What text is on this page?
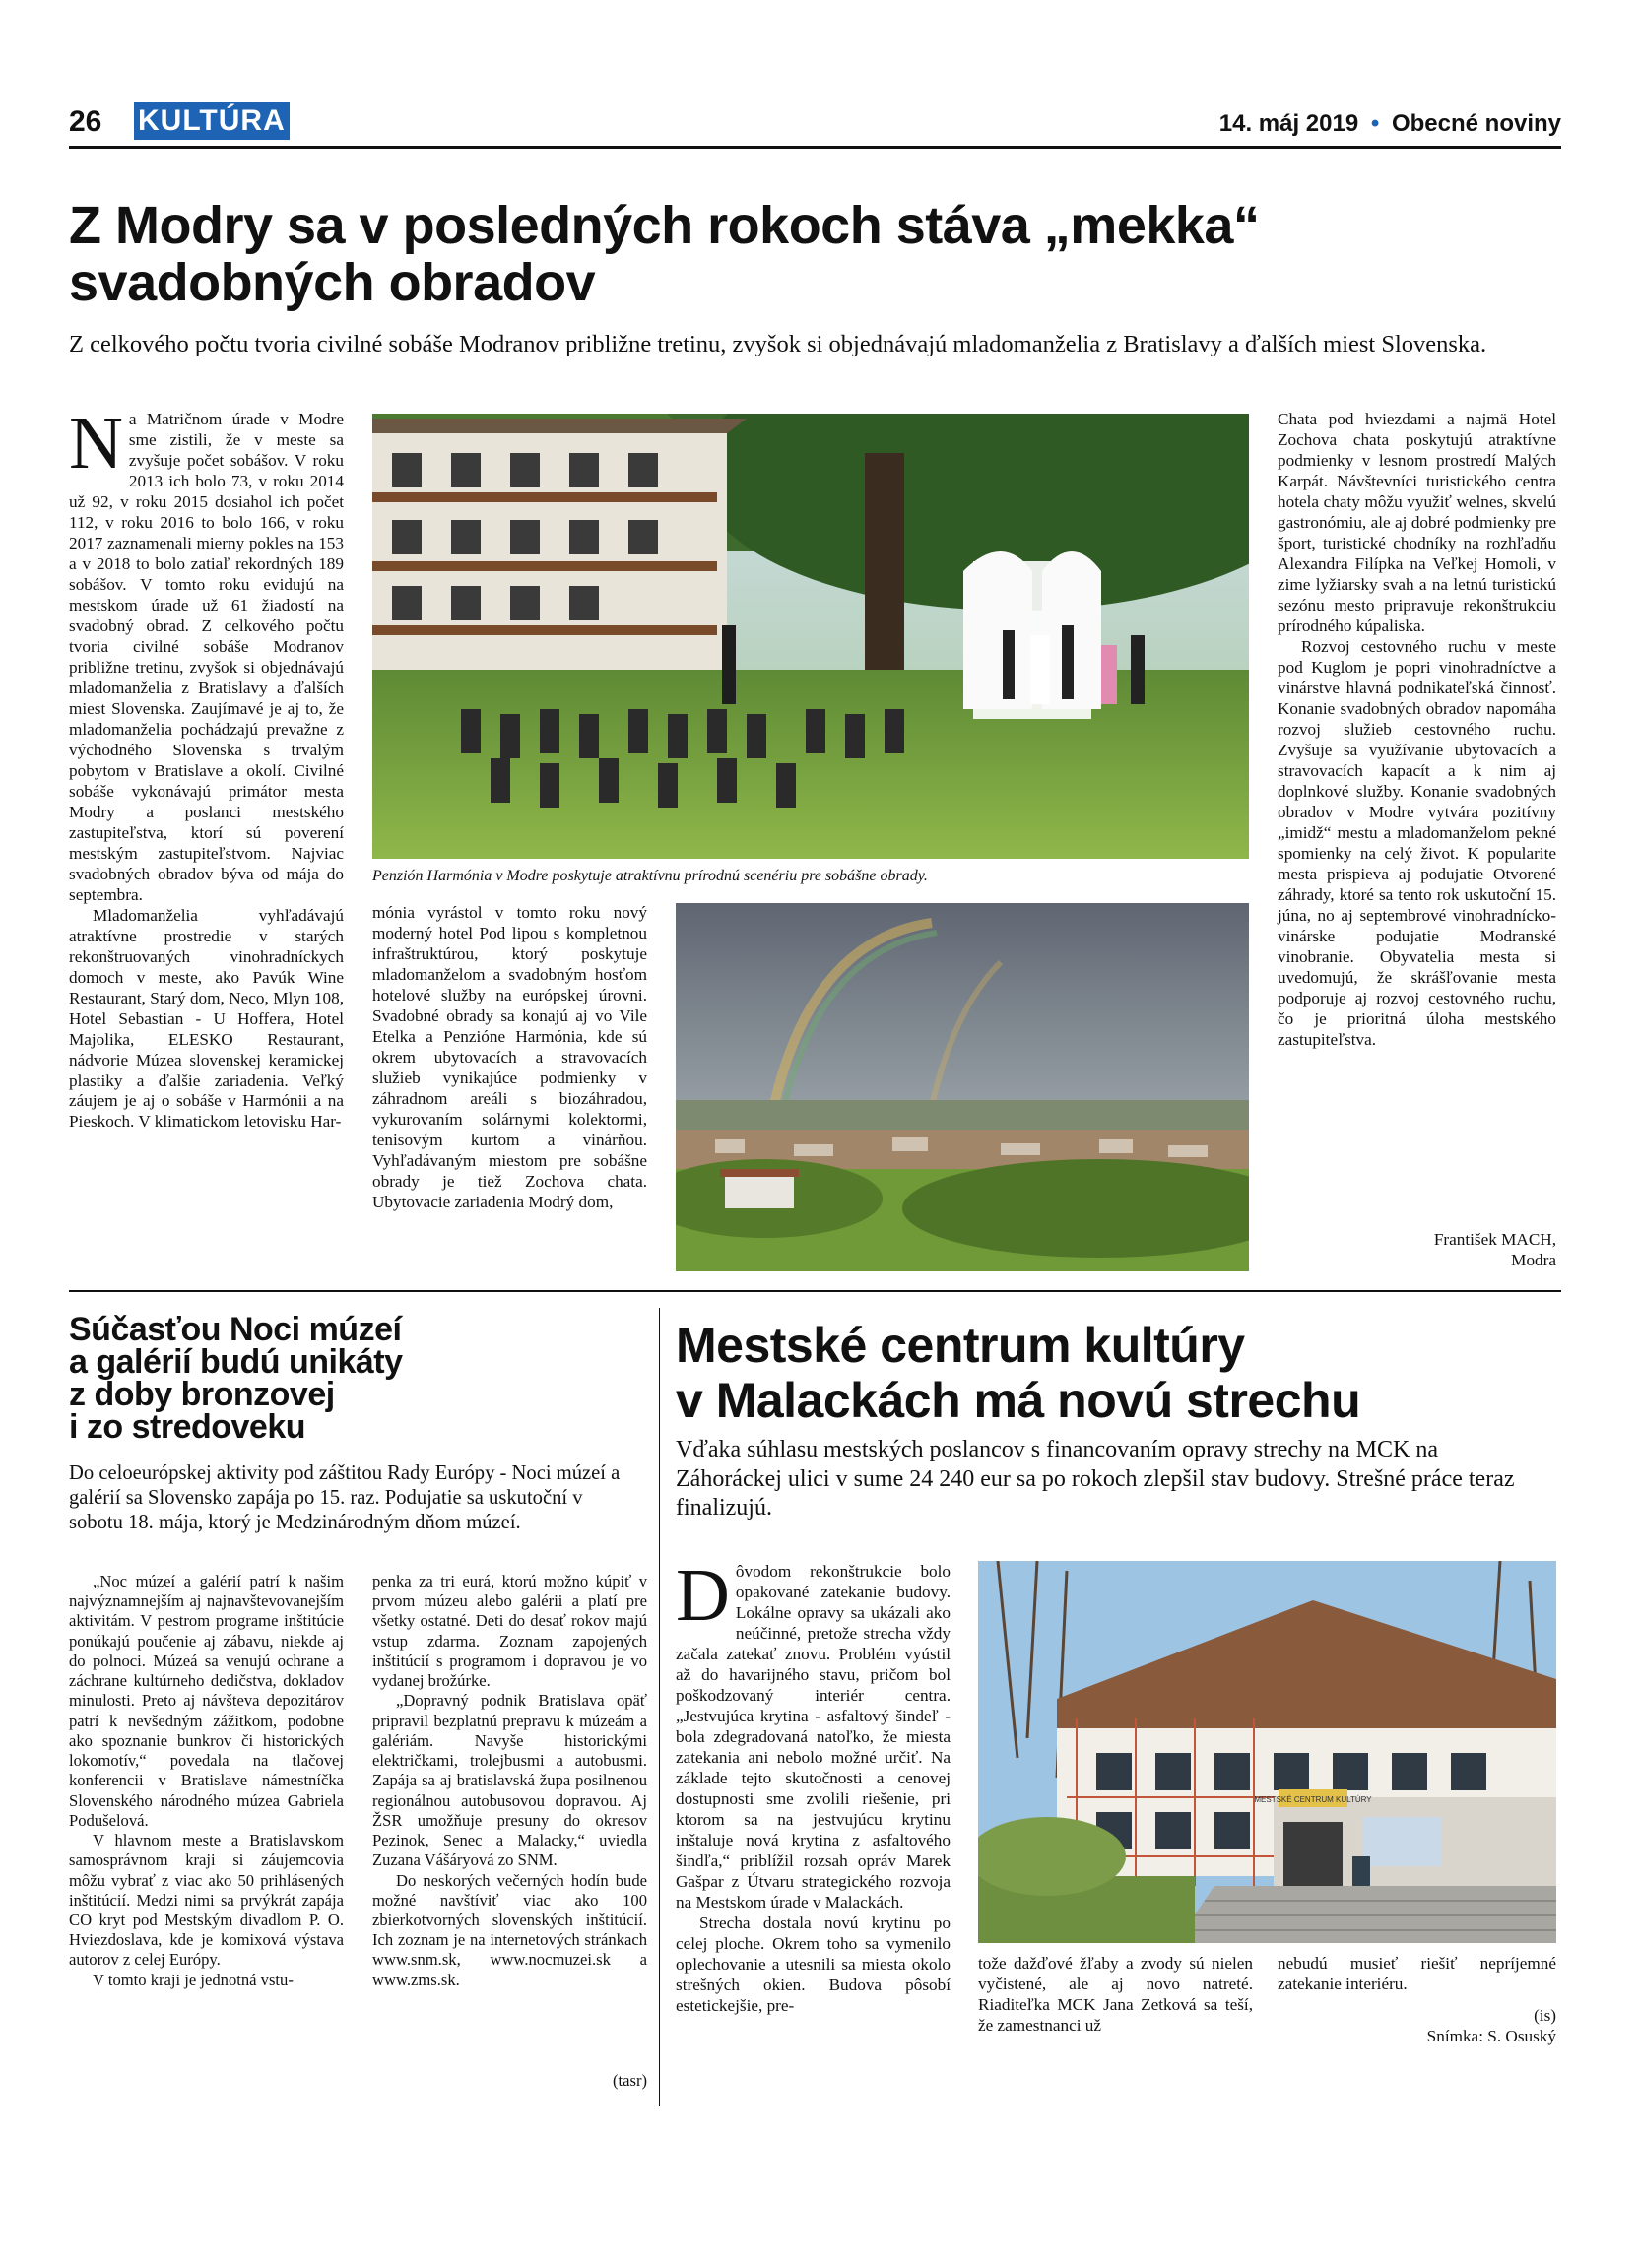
26 KULTÚRA	14. máj 2019 • Obecné noviny
Z Modry sa v posledných rokoch stáva „mekka“
svadobných obradov
Z celkového počtu tvoria civilné sobáše Modranov približne tretinu, zvyšok si objednávajú mladomanželia z Bratislavy a ďalších miest Slovenska.

Na Matričnom úrade v Modre sme zistili, že v meste sa zvyšuje počet sobášov. V roku 2013 ich bolo 73, v roku 2014 už 92, v roku 2015 dosiahol ich počet 112, v roku 2016 to bolo 166, v roku 2017 zaznamenali mierny pokles na 153 a v 2018 to bolo zatiaľ rekordných 189 sobášov. V tomto roku evidujú na mestskom úrade už 61 žiadostí na svadobný obrad. Z celkového počtu tvoria civilné sobáše Modranov približne tretinu, zvyšok si objednávajú mladomanželia z Bratislavy a ďalších miest Slovenska. Zaujímavé je aj to, že mladomanželia pochádzajú prevažne z východného Slovenska s trvalým pobytom v Bratislave a okolí. Civilné sobáše vykonávajú primátor mesta Modry a poslanci mestského zastupiteľstva, ktorí sú poverení mestským zastupiteľstvom. Najviac svadobných obradov býva od mája do septembra.

Mladomanželia vyhľadávajú atraktívne prostredie v starých rekonštruovaných vinohradníckych domoch v meste, ako Pavúk Wine Restaurant, Starý dom, Neco, Mlyn 108, Hotel Sebastian - U Hoffera, Hotel Majolika, ELESKO Restaurant, nádvorie Múzea slovenskej keramickej plastiky a ďalšie zariadenia. Veľký záujem je aj o sobáše v Harmónii a na Pieskoch. V klimatickom letovisku Har-

Penzión Harmónia v Modre poskytuje atraktívnu prírodnú scenériu pre sobášne obrady.

mónia vyrástol v tomto roku nový moderný hotel Pod lipou s kompletnou infraštruktúrou, ktorý poskytuje mladomanželom a svadobným hosťom hotelové služby na európskej úrovni. Svadobné obrady sa konajú aj vo Vile Etelka a Penzióne Harmónia, kde sú okrem ubytovacích a stravovacích služieb vynikajúce podmienky v záhradnom areáli s biozáhradou, vykurovaním solárnymi kolektormi, tenisovým kurtom a vinárňou. Vyhľadávaným miestom pre sobášne obrady je tiež Zochova chata. Ubytovacie zariadenia Modrý dom,

Chata pod hviezdami a najmä Hotel Zochova chata poskytujú atraktívne podmienky v lesnom prostredí Malých Karpát. Návštevníci turistického centra hotela chaty môžu využiť welnes, skvelú gastronómiu, ale aj dobré podmienky pre šport, turistické chodníky na rozhľadňu Alexandra Filípka na Veľkej Homoli, v zime lyžiarsky svah a na letnú turistickú sezónu mesto pripravuje rekonštrukciu prírodného kúpaliska.

Rozvoj cestovného ruchu v meste pod Kuglom je popri vinohradníctve a vinárstve hlavná podnikateľská činnosť. Konanie svadobných obradov napomáha rozvoj služieb cestovného ruchu. Zvyšuje sa využívanie ubytovacích a stravovacích kapacít a k nim aj doplnkové služby. Konanie svadobných obradov v Modre vytvára pozitívny „imidž“ mestu a mladomanželom pekné spomienky na celý život. K popularite mesta prispieva aj podujatie Otvorené záhrady, ktoré sa tento rok uskutoční 15. júna, no aj septembrové vinohradnícko-vinárske podujatie Modranské vinobranie. Obyvatelia mesta si uvedomujú, že skrášľovanie mesta podporuje aj rozvoj cestovného ruchu, čo je prioritná úloha mestského zastupiteľstva.

František MACH,
Modra
Súčasťou Noci múzeí
a galérií budú unikáty
z doby bronzovej
i zo stredoveku
Do celoeurópskej aktivity pod záštitou Rady Európy - Noci múzeí a galérií sa Slovensko zapája po 15. raz. Podujatie sa uskutoční v sobotu 18. mája, ktorý je Medzinárodným dňom múzeí.

„Noc múzeí a galérií patrí k našim najvýznamnejším aj najnavštevovanejším aktivitám. V pestrom programe inštitúcie ponúkajú poučenie aj zábavu, niekde aj do polnoci. Múzeá sa venujú ochrane a záchrane kultúrneho dedičstva, dokladov minulosti. Preto aj návšteva depozitárov patrí k nevšedným zážitkom, podobne ako spoznanie bunkrov či historických lokomotív,“ povedala na tlačovej konferencii v Bratislave námestníčka Slovenského národného múzea Gabriela Podušelová.

V hlavnom meste a Bratislavskom samosprávnom kraji si záujemcovia môžu vybrať z viac ako 50 prihlásených inštitúcií. Medzi nimi sa prvýkrát zapája CO kryt pod Mestským divadlom P. O. Hviezdoslava, kde je komixová výstava autorov z celej Európy.

V tomto kraji je jednotná vstu-

penka za tri eurá, ktorú možno kúpiť v prvom múzeu alebo galérii a platí pre všetky ostatné. Deti do desať rokov majú vstup zdarma. Zoznam zapojených inštitúcií s programom i dopravou je vo vydanej brožúrke.

„Dopravný podnik Bratislava opäť pripravil bezplatnú prepravu k múzeám a galériám. Navyše historickými električkami, trolejbusmi a autobusmi. Zapája sa aj bratislavská župa posilnenou regionálnou autobusovou dopravou. Aj ŽSR umožňuje presuny do okresov Pezinok, Senec a Malacky,“ uviedla Zuzana Vášáryová zo SNM.

Do neskorých večerných hodín bude možné navštíviť viac ako 100 zbierkotvorných slovenských inštitúcií. Ich zoznam je na internetových stránkach www.snm.sk, www.nocmuzei.sk a www.zms.sk.

(tasr)
Mestské centrum kultúry
v Malackách má novú strechu
Vďaka súhlasu mestských poslancov s financovaním opravy strechy na MCK na Záhoráckej ulici v sume 24 240 eur sa po rokoch zlepšil stav budovy. Strešné práce teraz finalizujú.

Dôvodom rekonštrukcie bolo opakované zatekanie budovy. Lokálne opravy sa ukázali ako neúčinné, pretože strecha vždy začala zatekať znovu. Problém vyústil až do havarijného stavu, pričom bol poškodzovaný interiér centra. „Jestvujúca krytina - asfaltový šindeľ - bola zdegradovaná natoľko, že miesta zatekania ani nebolo možné určiť. Na základe tejto skutočnosti a cenovej dostupnosti sme zvolili riešenie, pri ktorom sa na jestvujúcu krytinu inštaluje nová krytina z asfaltového šindľa,“ priblížil rozsah opráv Marek Gašpar z Útvaru strategického rozvoja na Mestskom úrade v Malackách.

Strecha dostala novú krytinu po celej ploche. Okrem toho sa vymenilo oplechovanie a utesnili sa miesta okolo strešných okien. Budova pôsobí estetickejšie, pre-

MESTSKÉ CENTRUM KULTÚRY

tože dažďové žľaby a zvody sú nielen vyčistené, ale aj novo natreté. Riaditeľka MCK Jana Zetková sa teší, že zamestnanci už

nebudú musieť riešiť nepríjemné zatekanie interiéru.

(is)
Snímka: S. Osuský
